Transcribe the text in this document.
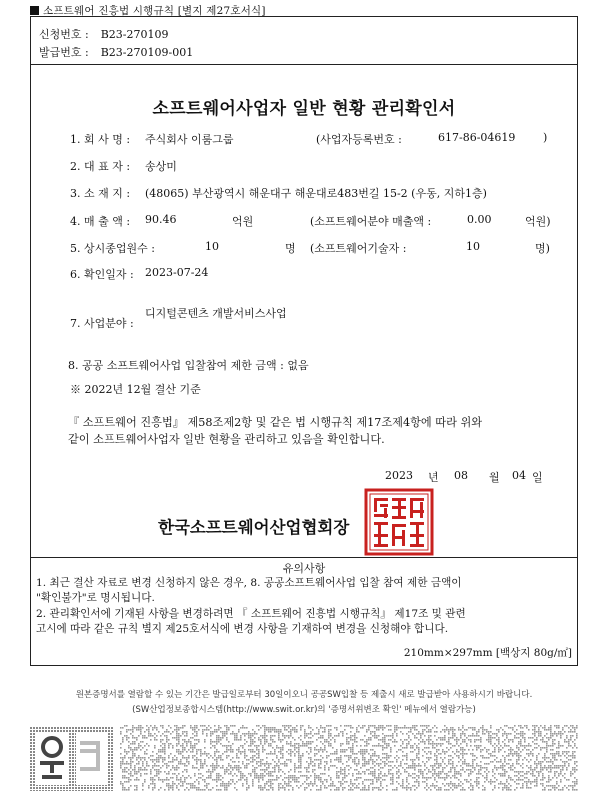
소프트웨어 진흥법 시행규칙 [별지 제27호서식]
신청번호 : B23-270109
발급번호 : B23-270109-001
소프트웨어사업자 일반 현황 관리확인서
1. 회 사 명 : 주식회사 이룸그룹	(사업자등록번호 :	617-86-04619	)
2. 대 표 자 : 송상미
3. 소 재 지 : (48065) 부산광역시 해운대구 해운대로483번길 15-2 (우동, 지하1층)
4. 매 출 액 : 90.46	억원	(소프트웨어분야 매출액 :	0.00	억원)
5. 상시종업원수 :	10	명 (소프트웨어기술자 :	10	명)
6. 확인일자 : 2023-07-24
7. 사업분야 :
디지털콘텐츠 개발서비스사업
8. 공공 소프트웨어사업 입찰참여 제한 금액 : 없음
※ 2022년 12월 결산 기준
『 소프트웨어 진흥법』 제58조제2항 및 같은 법 시행규칙 제17조제4항에 따라 위와
같이 소프트웨어사업자 일반 현황을 관리하고 있음을 확인합니다.
2023 년 08 월 04 일
한국소프트웨어산업협회장
유의사항
1. 최근 결산 자료로 변경 신청하지 않은 경우, 8. 공공소프트웨어사업 입찰 참여 제한 금액이
"확인불가"로 명시됩니다.
2. 관리확인서에 기재된 사항을 변경하려면 『 소프트웨어 진흥법 시행규칙』 제17조 및 관련
고시에 따라 같은 규칙 별지 제25호서식에 변경 사항을 기재하여 변경을 신청해야 합니다.
210mm×297mm [백상지 80g/㎡]
원본증명서를 열람할 수 있는 기간은 발급일로부터 30일이오니 공공SW입찰 등 제출시 새로 발급받아 사용하시기 바랍니다.
(SW산업정보종합시스템(http://www.swit.or.kr)의 '증명서위변조 확인' 메뉴에서 열람가능)
